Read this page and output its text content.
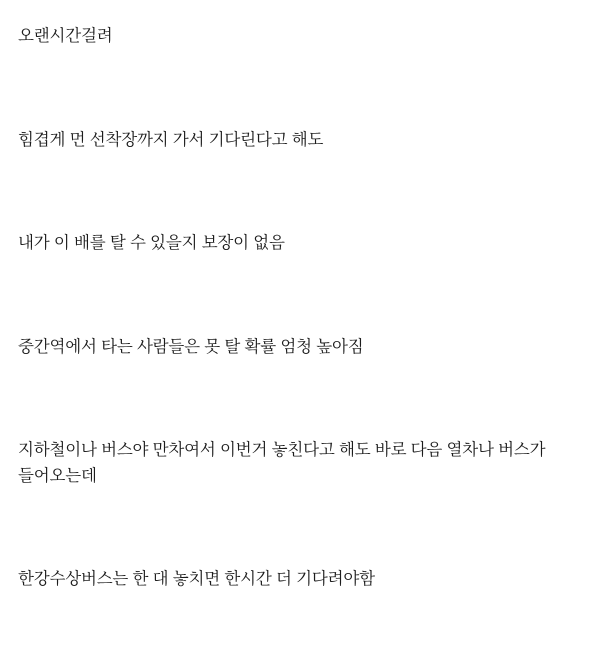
오랜시간걸려

힘겹게 먼 선착장까지 가서 기다린다고 해도

내가 이 배를 탈 수 있을지 보장이 없음

중간역에서 타는 사람들은 못 탈 확률 엄청 높아짐

지하철이나 버스야 만차여서 이번거 놓친다고 해도 바로 다음 열차나 버스가 들어오는데

한강수상버스는 한 대 놓치면 한시간 더 기다려야함
